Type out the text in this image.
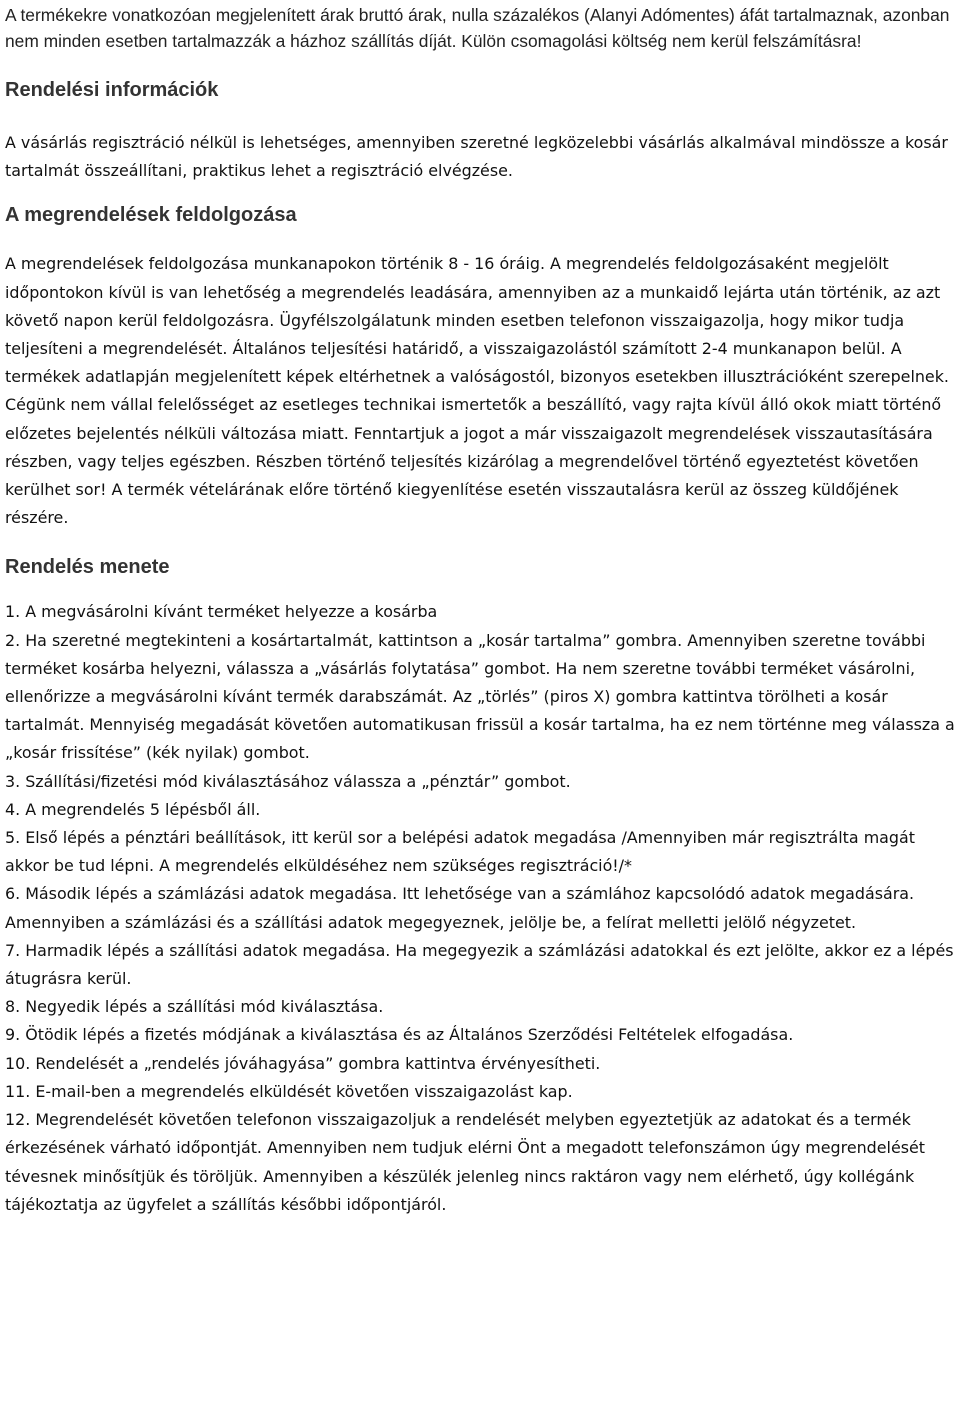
A termékekre vonatkozóan megjelenített árak bruttó árak, nulla százalékos (Alanyi Adómentes) áfát tartalmaznak, azonban nem minden esetben tartalmazzák a házhoz szállítás díját. Külön csomagolási költség nem kerül felszámításra!

Rendelési információk

A vásárlás regisztráció nélkül is lehetséges, amennyiben szeretné legközelebbi vásárlás alkalmával mindössze a kosár tartalmát összeállítani, praktikus lehet a regisztráció elvégzése.

A megrendelések feldolgozása

A megrendelések feldolgozása munkanapokon történik 8 - 16 óráig. A megrendelés feldolgozásaként megjelölt időpontokon kívül is van lehetőség a megrendelés leadására, amennyiben az a munkaidő lejárta után történik, az azt követő napon kerül feldolgozásra. Ügyfélszolgálatunk minden esetben telefonon visszaigazolja, hogy mikor tudja teljesíteni a megrendelését. Általános teljesítési határidő, a visszaigazolástól számított 2-4 munkanapon belül. A termékek adatlapján megjelenített képek eltérhetnek a valóságostól, bizonyos esetekben illusztrációként szerepelnek. Cégünk nem vállal felelősséget az esetleges technikai ismertetők a beszállító, vagy rajta kívül álló okok miatt történő előzetes bejelentés nélküli változása miatt. Fenntartjuk a jogot a már visszaigazolt megrendelések visszautasítására részben, vagy teljes egészben. Részben történő teljesítés kizárólag a megrendelővel történő egyeztetést követően kerülhet sor! A termék vételárának előre történő kiegyenlítése esetén visszautalásra kerül az összeg küldőjének részére.

Rendelés menete

1. A megvásárolni kívánt terméket helyezze a kosárba

2. Ha szeretné megtekinteni a kosártartalmát, kattintson a „kosár tartalma” gombra. Amennyiben szeretne további terméket kosárba helyezni, válassza a „vásárlás folytatása” gombot. Ha nem szeretne további terméket vásárolni, ellenőrizze a megvásárolni kívánt termék darabszámát. Az „törlés” (piros X) gombra kattintva törölheti a kosár tartalmát. Mennyiség megadását követően automatikusan frissül a kosár tartalma, ha ez nem történne meg válassza a „kosár frissítése” (kék nyilak) gombot.

3. Szállítási/fizetési mód kiválasztásához válassza a „pénztár” gombot.

4. A megrendelés 5 lépésből áll.

5. Első lépés a pénztári beállítások, itt kerül sor a belépési adatok megadása /Amennyiben már regisztrálta magát akkor be tud lépni. A megrendelés elküldéséhez nem szükséges regisztráció!/*

6. Második lépés a számlázási adatok megadása. Itt lehetősége van a számlához kapcsolódó adatok megadására. Amennyiben a számlázási és a szállítási adatok megegyeznek, jelölje be, a felírat melletti jelölő négyzetet.

7. Harmadik lépés a szállítási adatok megadása. Ha megegyezik a számlázási adatokkal és ezt jelölte, akkor ez a lépés átugrásra kerül.

8. Negyedik lépés a szállítási mód kiválasztása.

9. Ötödik lépés a fizetés módjának a kiválasztása és az Általános Szerződési Feltételek elfogadása.

10. Rendelését a „rendelés jóváhagyása” gombra kattintva érvényesítheti.

11. E-mail-ben a megrendelés elküldését követően visszaigazolást kap.

12. Megrendelését követően telefonon visszaigazoljuk a rendelését melyben egyeztetjük az adatokat és a termék érkezésének várható időpontját. Amennyiben nem tudjuk elérni Önt a megadott telefonszámon úgy megrendelését tévesnek minősítjük és töröljük. Amennyiben a készülék jelenleg nincs raktáron vagy nem elérhető, úgy kollégánk tájékoztatja az ügyfelet a szállítás későbbi időpontjáról.
